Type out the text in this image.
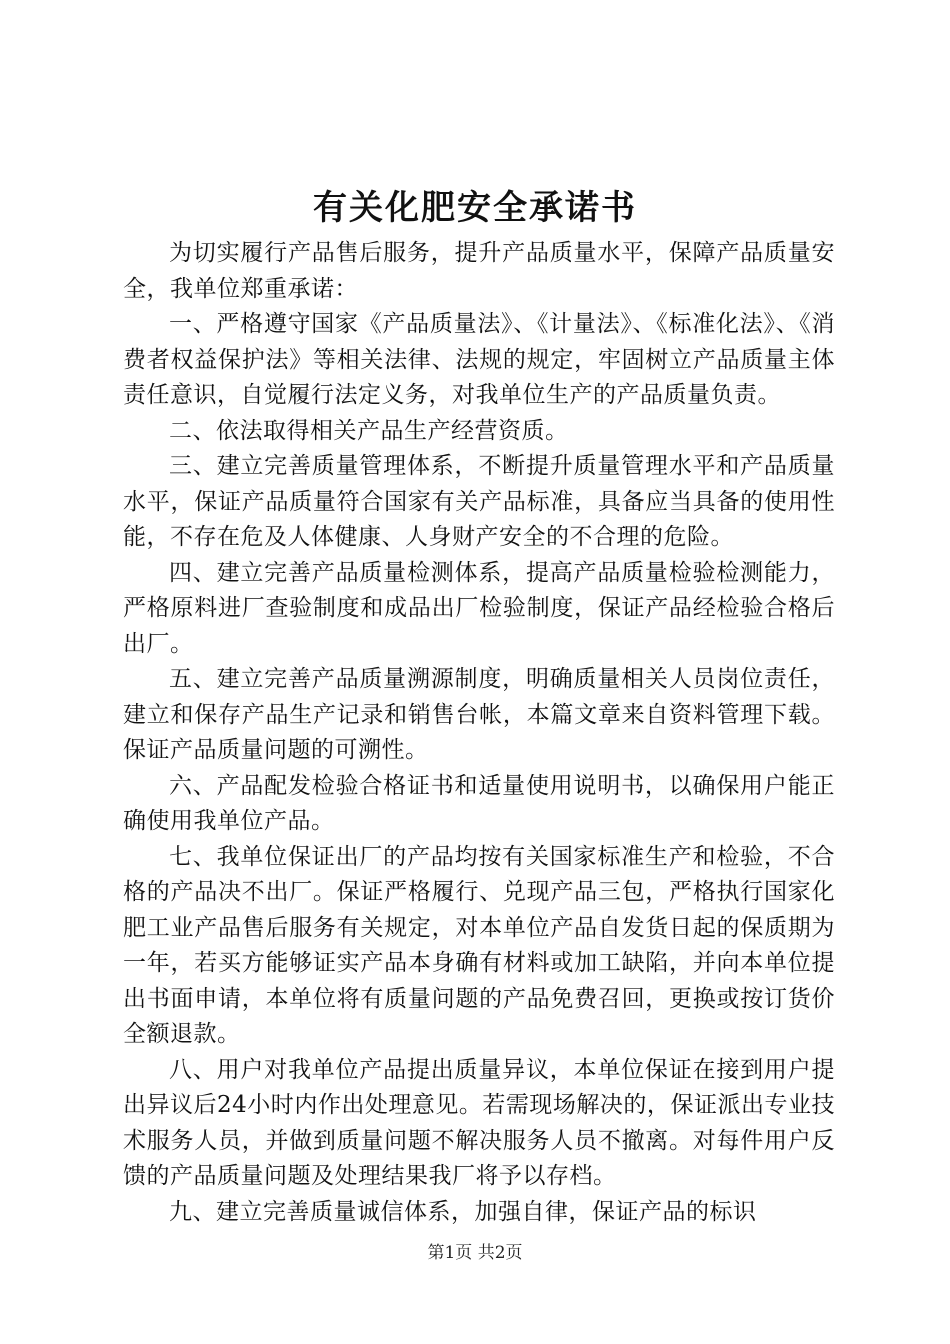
有关化肥安全承诺书

为切实履行产品售后服务，提升产品质量水平，保障产品质量安全，我单位郑重承诺：

一、严格遵守国家《产品质量法》、《计量法》、《标准化法》、《消费者权益保护法》等相关法律、法规的规定，牢固树立产品质量主体责任意识，自觉履行法定义务，对我单位生产的产品质量负责。

二、依法取得相关产品生产经营资质。

三、建立完善质量管理体系，不断提升质量管理水平和产品质量水平，保证产品质量符合国家有关产品标准，具备应当具备的使用性能，不存在危及人体健康、人身财产安全的不合理的危险。

四、建立完善产品质量检测体系，提高产品质量检验检测能力，严格原料进厂查验制度和成品出厂检验制度，保证产品经检验合格后出厂。

五、建立完善产品质量溯源制度，明确质量相关人员岗位责任，建立和保存产品生产记录和销售台帐，本篇文章来自资料管理下载。保证产品质量问题的可溯性。

六、产品配发检验合格证书和适量使用说明书，以确保用户能正确使用我单位产品。

七、我单位保证出厂的产品均按有关国家标准生产和检验，不合格的产品决不出厂。保证严格履行、兑现产品三包，严格执行国家化肥工业产品售后服务有关规定，对本单位产品自发货日起的保质期为一年，若买方能够证实产品本身确有材料或加工缺陷，并向本单位提出书面申请，本单位将有质量问题的产品免费召回，更换或按订货价全额退款。

八、用户对我单位产品提出质量异议，本单位保证在接到用户提出异议后24小时内作出处理意见。若需现场解决的，保证派出专业技术服务人员，并做到质量问题不解决服务人员不撤离。对每件用户反馈的产品质量问题及处理结果我厂将予以存档。

九、建立完善质量诚信体系，加强自律，保证产品的标识

第1页 共2页
